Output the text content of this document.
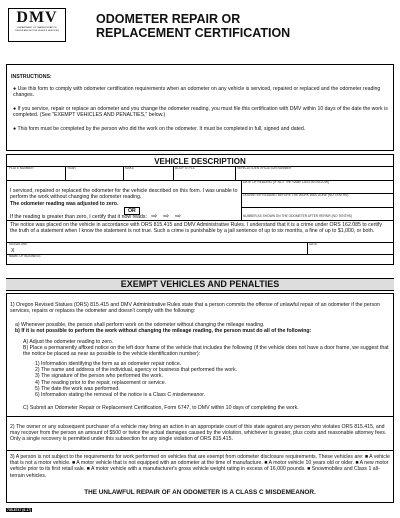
DMV
DEPARTMENT OF TRANSPORTATION
DRIVER AND MOTOR VEHICLE SERVICES
ODOMETER REPAIR OR
REPLACEMENT CERTIFICATION
INSTRUCTIONS:
● Use this form to comply with odometer certification requirements when an odometer on any vehicle is serviced, repaired or replaced and the odometer reading changes.
● If you service, repair or replace an odometer and you change the odometer reading, you must file this certification with DMV within 10 days of the date the work is completed. (See "EXEMPT VEHICLES AND PENALTIES," below.)
● This form must be completed by the person who did the work on the odometer. It must be completed in full, signed and dated.
VEHICLE DESCRIPTION
PLATE NUMBER	YEAR	MAKE	BODY STYLE	VEHICLE IDENTIFICATION NUMBER
I serviced, repaired or replaced the odometer for the vehicle described on this form. I was unable to perform the work without changing the odometer reading.
The odometer reading was adjusted to zero.
OR
If the reading is greater than zero, I certify that it now reads: ⇨ ⇨ ⇨
DATE OF READING (IF NOT THE SAME DATE AS BELOW)
ODOMETER READING BEFORE THE WORK WAS DONE (NO TENTHS)
NUMBER AS SHOWN ON THE ODOMETER AFTER REPAIR (NO TENTHS)
The notice was placed on the vehicle in accordance with ORS 815.415 and DMV Administrative Rules. I understand that it is a crime under ORS 162.085 to certify the truth of a statement when I know the statement is not true. Such a crime is punishable by a jail sentence of up to six months, a fine of up to $1,000, or both.
SIGNATURE
X
DATE
NAME OF BUSINESS
EXEMPT VEHICLES AND PENALTIES
1) Oregon Revised Statues (ORS) 815.415 and DMV Administrative Rules state that a person commits the offense of unlawful repair of an odometer if the person services, repairs or replaces the odometer and doesn't comply with the following:
a) Whenever possible, the person shall perform work on the odometer without changing the mileage reading.
b) If it is not possible to perform the work without changing the mileage reading, the person must do all of the following:
A) Adjust the odometer reading to zero.
B) Place a permanently affixed notice on the left door frame of the vehicle that includes the following (if the vehicle does not have a door frame, we suggest that the notice be placed as near as possible to the vehicle identification number):
1) Information identifying the form as an odometer repair notice.
2) The name and address of the individual, agency or business that performed the work.
3) The signature of the person who performed the work.
4) The reading prior to the repair, replacement or service.
5) The date the work was performed.
6) Information stating the removal of the notice is a Class C misdemeanor.
C) Submit an Odometer Repair or Replacement Certification, Form 6747, to DMV within 10 days of completing the work.
2) The owner or any subsequent purchaser of a vehicle may bring an action in an appropriate court of this state against any person who violates ORS 815.415, and may recover from the person an amount of $500 or twice the actual damages caused by the violation, whichever is greater, plus costs and reasonable attorney fees. Only a single recovery is permitted under this subsection for any single violation of ORS 815.415.
3) A person is not subject to the requirements for work performed on vehicles that are exempt from odometer disclosure requirements. These vehicles are: ■ A vehicle that is not a motor vehicle. ■ A motor vehicle that is not equipped with an odometer at the time of manufacture. ■ A motor vehicle 10 years old or older. ■ A new motor vehicle prior to its first retail sale. ■ A motor vehicle with a manufacturer's gross vehicle weight rating in excess of 16,000 pounds. ■ Snowmobiles and Class 1 all-terrain vehicles.
THE UNLAWFUL REPAIR OF AN ODOMETER IS A CLASS C MISDEMEANOR.
735-6747 (6-17)
